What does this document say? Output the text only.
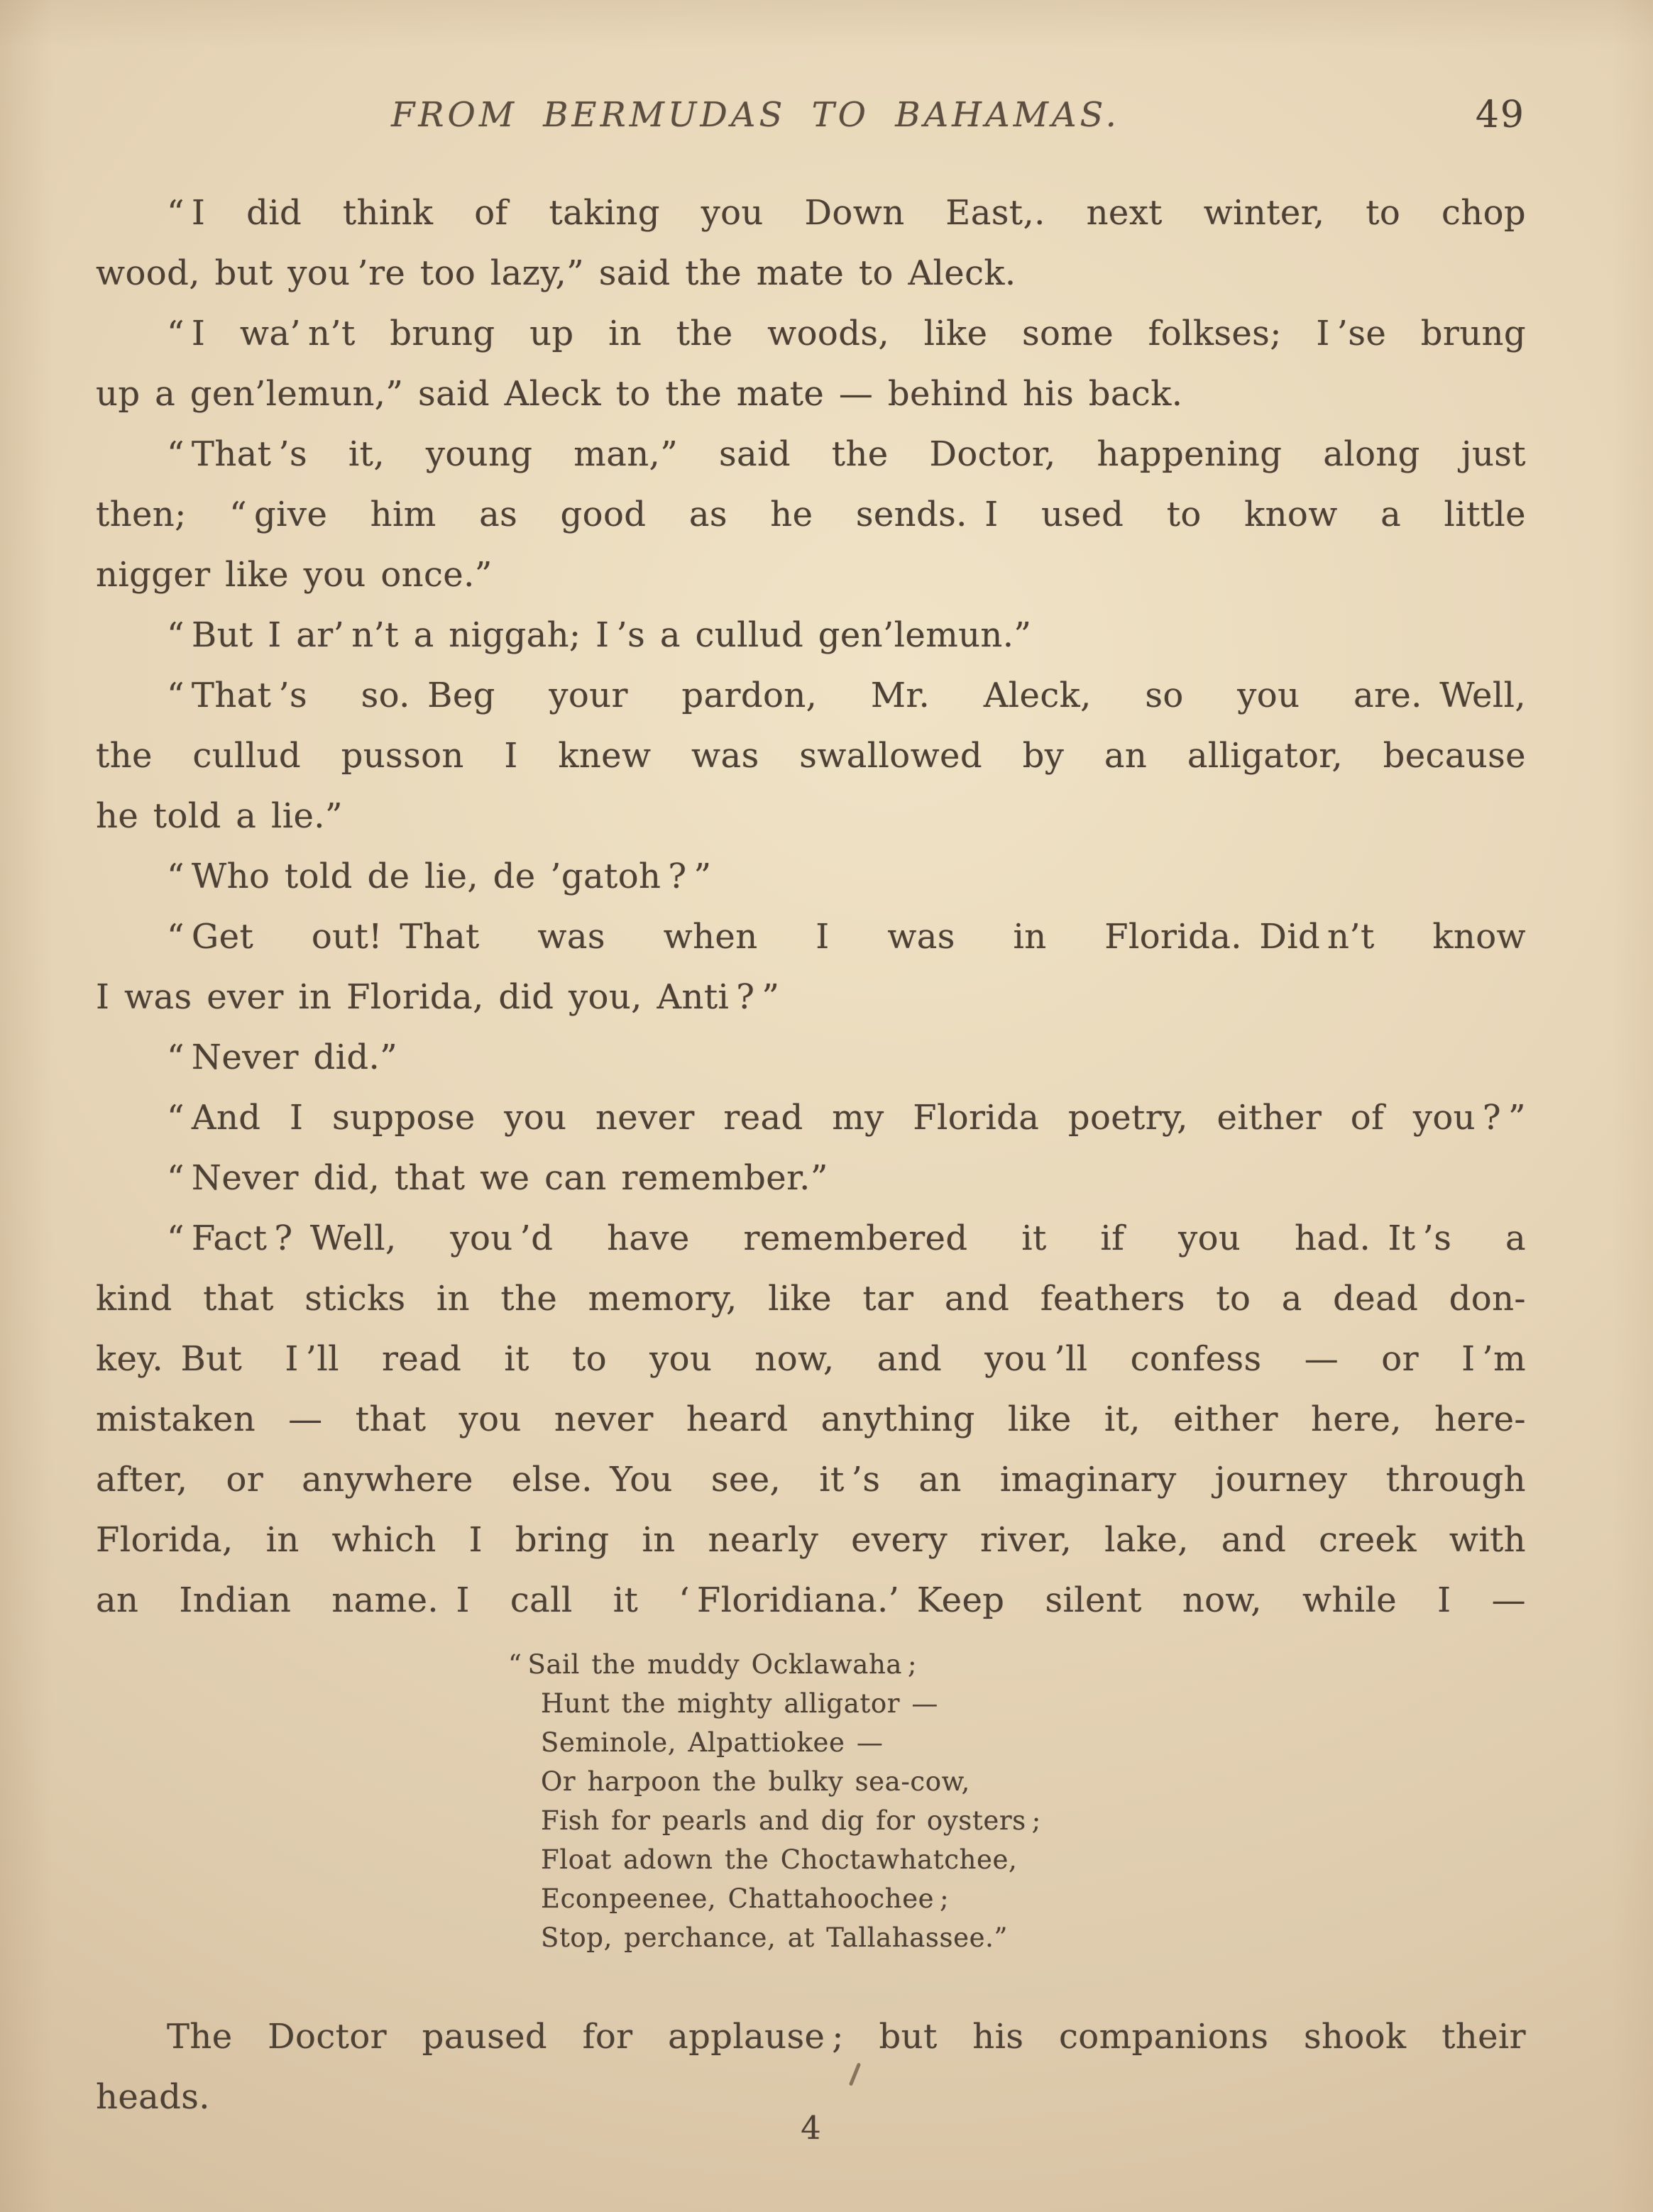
FROM BERMUDAS TO BAHAMAS.	49
“ I did think of taking you Down East,. next winter, to chop
wood, but you ’re too lazy,” said the mate to Aleck.
“ I wa’ n’t brung up in the woods, like some folkses; I ’se brung
up a gen’lemun,” said Aleck to the mate — behind his back.
“ That ’s it, young man,” said the Doctor, happening along just
then; “ give him as good as he sends. I used to know a little
nigger like you once.”
“ But I ar’ n’t a niggah; I ’s a cullud gen’lemun.”
“ That ’s so. Beg your pardon, Mr. Aleck, so you are. Well,
the cullud pusson I knew was swallowed by an alligator, because
he told a lie.”
“ Who told de lie, de ’gatoh ? ”
“ Get out! That was when I was in Florida. Did n’t know
I was ever in Florida, did you, Anti ? ”
“ Never did.”
“ And I suppose you never read my Florida poetry, either of you ? ”
“ Never did, that we can remember.”
“ Fact ? Well, you ’d have remembered it if you had. It ’s a
kind that sticks in the memory, like tar and feathers to a dead don-
key. But I ’ll read it to you now, and you ’ll confess — or I ’m
mistaken — that you never heard anything like it, either here, here-
after, or anywhere else. You see, it ’s an imaginary journey through
Florida, in which I bring in nearly every river, lake, and creek with
an Indian name. I call it ‘ Floridiana.’ Keep silent now, while I —
“ Sail the muddy Ocklawaha ;
Hunt the mighty alligator —
Seminole, Alpattiokee —
Or harpoon the bulky sea-cow,
Fish for pearls and dig for oysters ;
Float adown the Choctawhatchee,
Econpeenee, Chattahoochee ;
Stop, perchance, at Tallahassee.”
The Doctor paused for applause ; but his companions shook their
heads.
4
